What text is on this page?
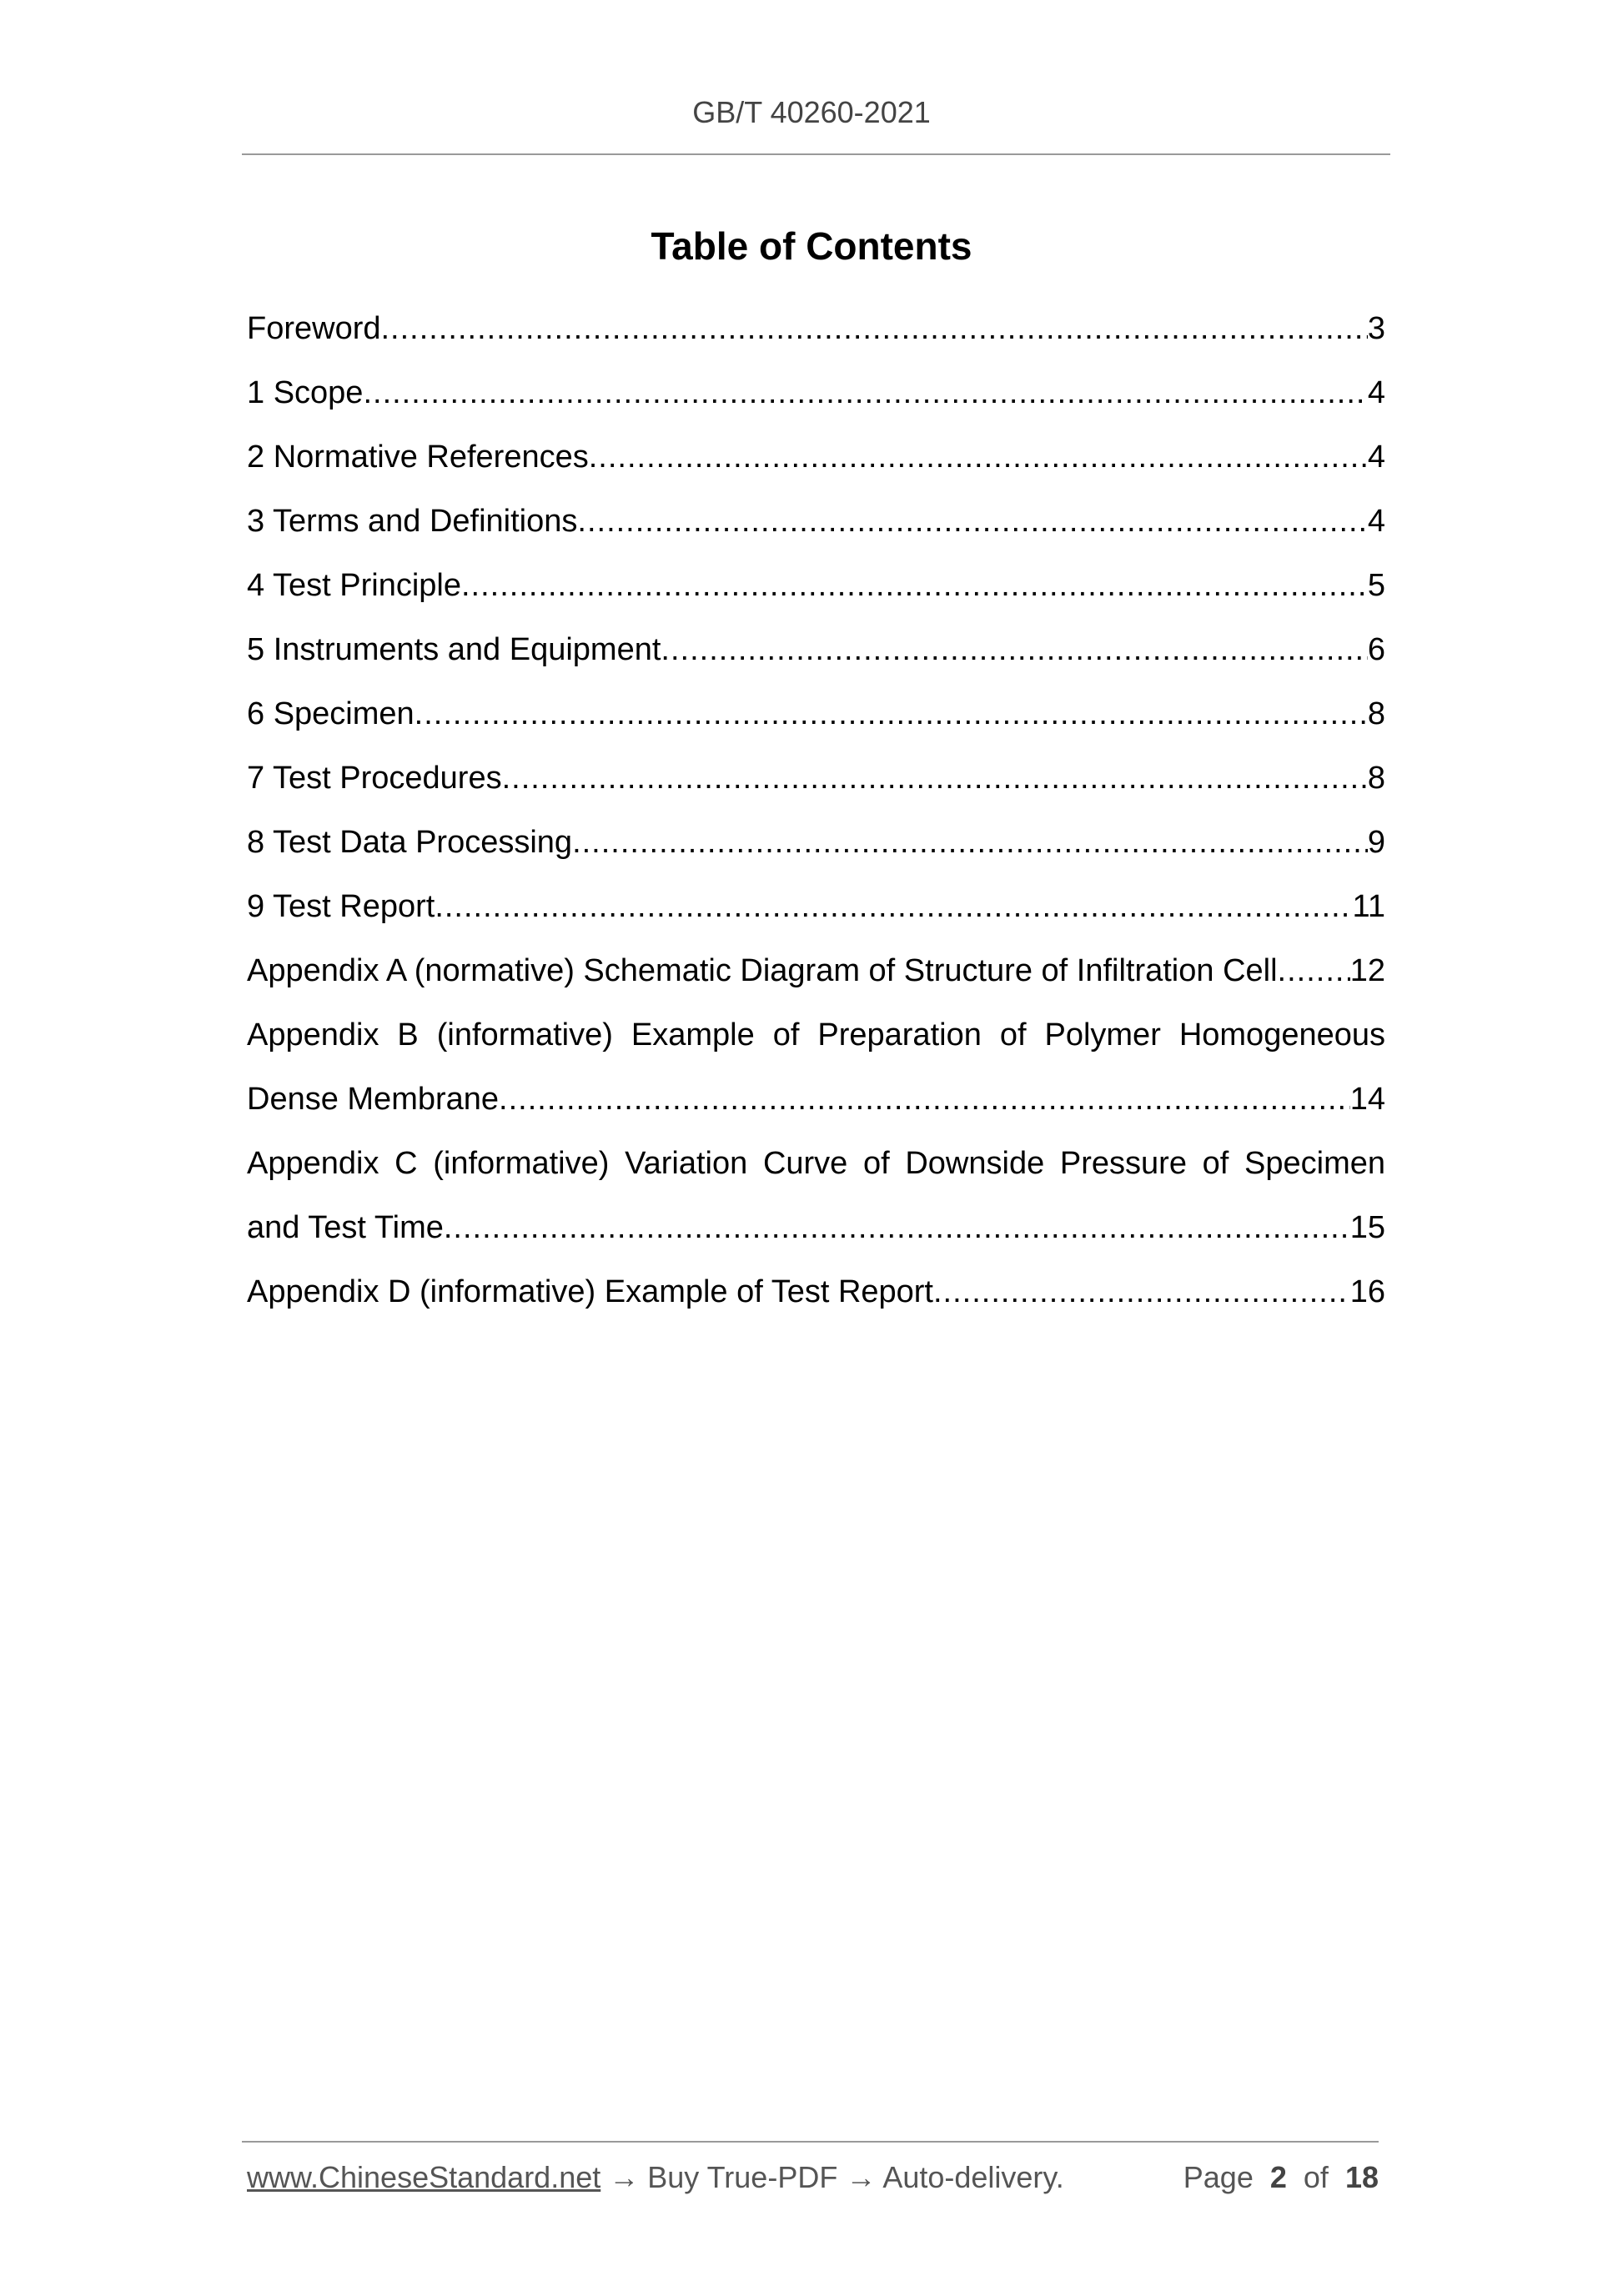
GB/T 40260-2021
Table of Contents
Foreword .....	3
1 Scope .....	4
2 Normative References .....	4
3 Terms and Definitions .....	4
4 Test Principle .....	5
5 Instruments and Equipment .....	6
6 Specimen .....	8
7 Test Procedures .....	8
8 Test Data Processing .....	9
9 Test Report .....	11
Appendix A (normative) Schematic Diagram of Structure of Infiltration Cell ..... 12
Appendix B (informative) Example of Preparation of Polymer Homogeneous
Dense Membrane .....	14
Appendix C (informative) Variation Curve of Downside Pressure of Specimen
and Test Time .....	15
Appendix D (informative) Example of Test Report .....	16
www.ChineseStandard.net → Buy True-PDF → Auto-delivery.	Page 2 of 18
